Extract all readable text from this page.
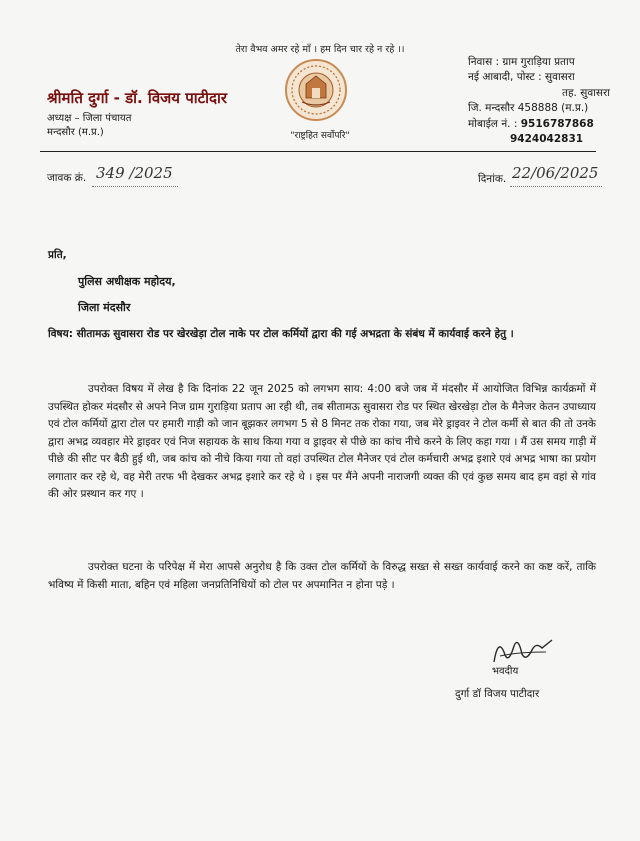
तेरा वैभव अमर रहे माँ । हम दिन चार रहे न रहे ।।
श्रीमति दुर्गा - डॉ. विजय पाटीदार
अध्यक्ष – जिला पंचायत
मन्दसौर (म.प्र.)	"राष्ट्रहित सर्वोपरि"
निवास : ग्राम गुराड़िया प्रताप
नई आबादी, पोस्ट : सुवासरा
तह. सुवासरा
जि. मन्दसौर 458888 (म.प्र.)
मोबाईल नं. : 9516787868
9424042831
जावक क्रं. 349 /2025	दिनांक. 22/06/2025
प्रति,
पुलिस अधीक्षक महोदय,
जिला मंदसौर
विषय: सीतामऊ सुवासरा रोड पर खेरखेड़ा टोल नाके पर टोल कर्मियों द्वारा की गई अभद्रता के संबंध में कार्यवाई करने हेतु ।
उपरोक्त विषय में लेख है कि दिनांक 22 जून 2025 को लगभग साय: 4:00 बजे जब में मंदसौर में आयोजित विभिन्न कार्यक्रमों में उपस्थित होकर मंदसौर से अपने निज ग्राम गुराड़िया प्रताप आ रही थी, तब सीतामऊ सुवासरा रोड पर स्थित खेरखेड़ा टोल के मैनेजर केतन उपाध्याय एवं टोल कर्मियों द्वारा टोल पर हमारी गाड़ी को जान बूझकर लगभग 5 से 8 मिनट तक रोका गया, जब मेरे ड्राइवर ने टोल कर्मी से बात की तो उनके द्वारा अभद्र व्यवहार मेरे ड्राइवर एवं निज सहायक के साथ किया गया व ड्राइवर से पीछे का कांच नीचे करने के लिए कहा गया । मैं उस समय गाड़ी में पीछे की सीट पर बैठी हुई थी, जब कांच को नीचे किया गया तो वहां उपस्थित टोल मैनेजर एवं टोल कर्मचारी अभद्र इशारे एवं अभद्र भाषा का प्रयोग लगातार कर रहे थे, वह मेरी तरफ भी देखकर अभद्र इशारे कर रहे थे । इस पर मैंने अपनी नाराजगी व्यक्त की एवं कुछ समय बाद हम वहां से गांव की ओर प्रस्थान कर गए ।
उपरोक्त घटना के परिपेक्ष में मेरा आपसे अनुरोध है कि उक्त टोल कर्मियों के विरुद्ध सख्त से सख्त कार्यवाई करने का कष्ट करें, ताकि भविष्य में किसी माता, बहिन एवं महिला जनप्रतिनिधियों को टोल पर अपमानित न होना पड़े ।
भवदीय
दुर्गा डॉ विजय पाटीदार
